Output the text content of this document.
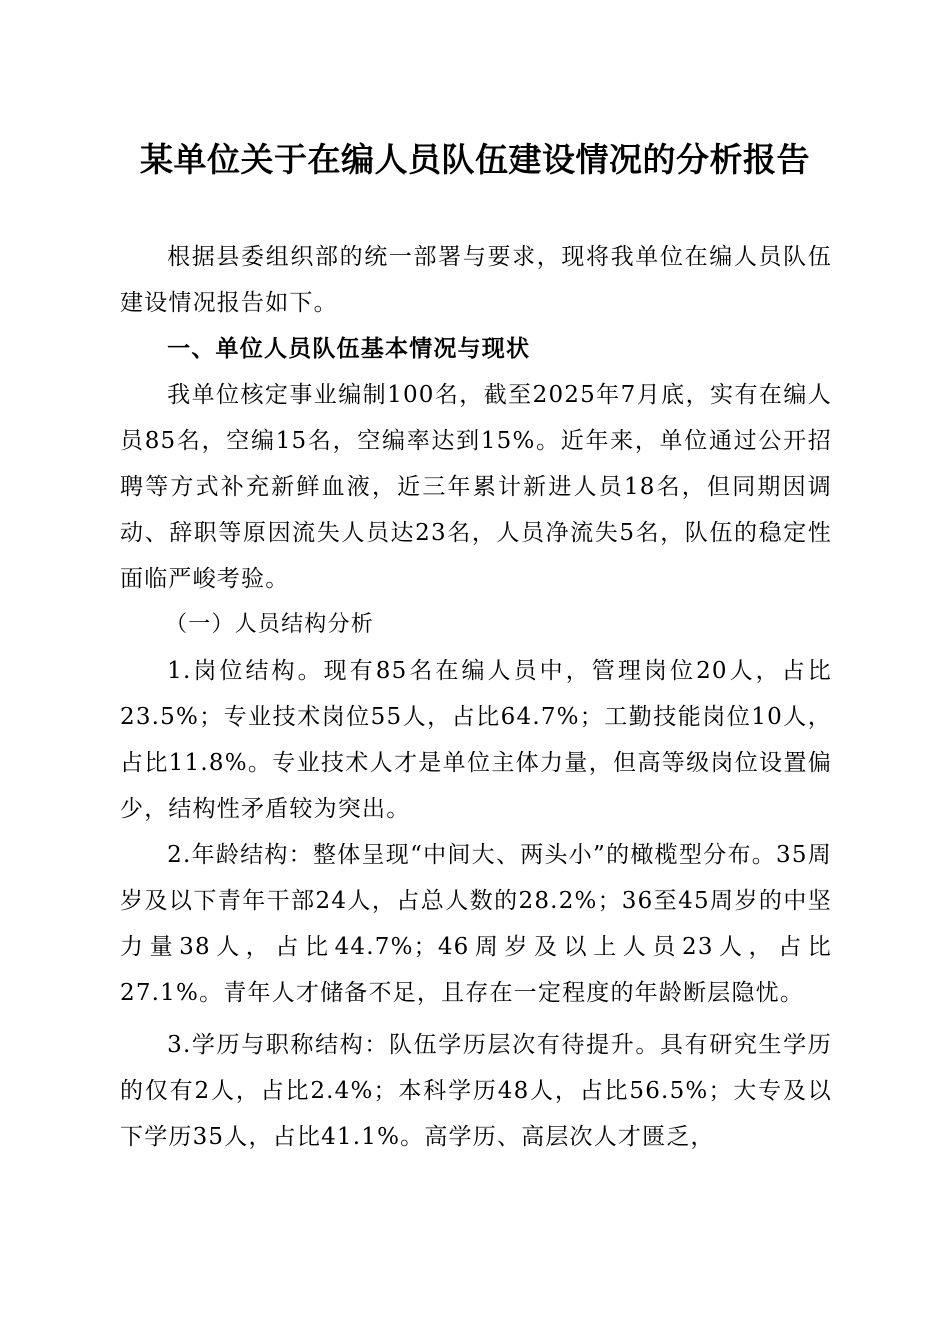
某单位关于在编人员队伍建设情况的分析报告

根据县委组织部的统一部署与要求，现将我单位在编人员队伍建设情况报告如下。

一、单位人员队伍基本情况与现状

我单位核定事业编制100名，截至2025年7月底，实有在编人员85名，空编15名，空编率达到15%。近年来，单位通过公开招聘等方式补充新鲜血液，近三年累计新进人员18名，但同期因调动、辞职等原因流失人员达23名，人员净流失5名，队伍的稳定性面临严峻考验。

（一）人员结构分析

1.岗位结构。现有85名在编人员中，管理岗位20人，占比23.5%；专业技术岗位55人，占比64.7%；工勤技能岗位10人，占比11.8%。专业技术人才是单位主体力量，但高等级岗位设置偏少，结构性矛盾较为突出。

2.年龄结构：整体呈现“中间大、两头小”的橄榄型分布。35周岁及以下青年干部24人，占总人数的28.2%；36至45周岁的中坚力量38人，占比44.7%；46周岁及以上人员23人，占比27.1%。青年人才储备不足，且存在一定程度的年龄断层隐忧。

3.学历与职称结构：队伍学历层次有待提升。具有研究生学历的仅有2人，占比2.4%；本科学历48人，占比56.5%；大专及以下学历35人，占比41.1%。高学历、高层次人才匮乏，
